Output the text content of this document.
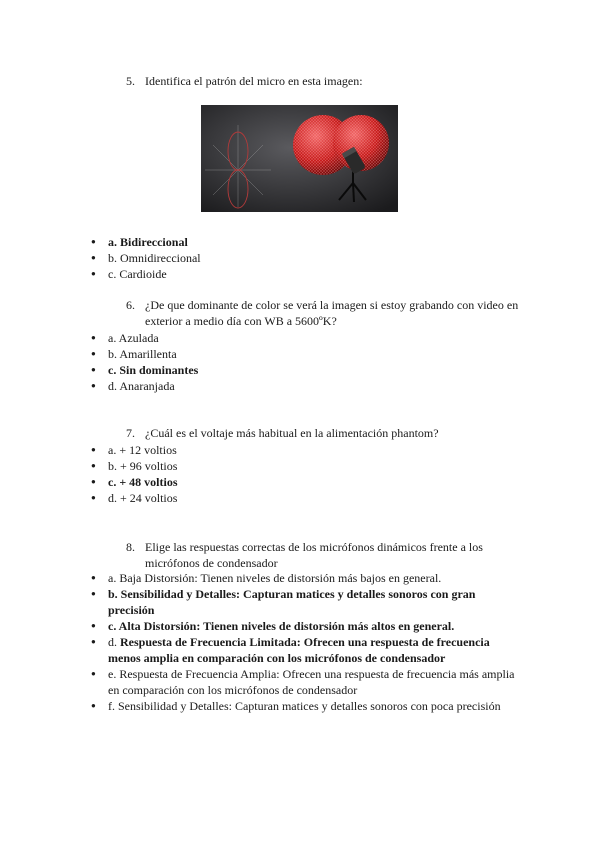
5. Identifica el patrón del micro en esta imagen:
● a. Bidireccional
● b. Omnidireccional
● c. Cardioide
6. ¿De que dominante de color se verá la imagen si estoy grabando con video en
exterior a medio día con WB a 5600ºK?
● a. Azulada
● b. Amarillenta
● c. Sin dominantes
● d. Anaranjada
7. ¿Cuál es el voltaje más habitual en la alimentación phantom?
● a. + 12 voltios
● b. + 96 voltios
● c. + 48 voltios
● d. + 24 voltios
8. Elige las respuestas correctas de los micrófonos dinámicos frente a los
micrófonos de condensador
● a. Baja Distorsión: Tienen niveles de distorsión más bajos en general.
● b. Sensibilidad y Detalles: Capturan matices y detalles sonoros con gran
precisión
● c. Alta Distorsión: Tienen niveles de distorsión más altos en general.
● d. Respuesta de Frecuencia Limitada: Ofrecen una respuesta de frecuencia
menos amplia en comparación con los micrófonos de condensador
● e. Respuesta de Frecuencia Amplia: Ofrecen una respuesta de frecuencia más amplia
en comparación con los micrófonos de condensador
● f. Sensibilidad y Detalles: Capturan matices y detalles sonoros con poca precisión
